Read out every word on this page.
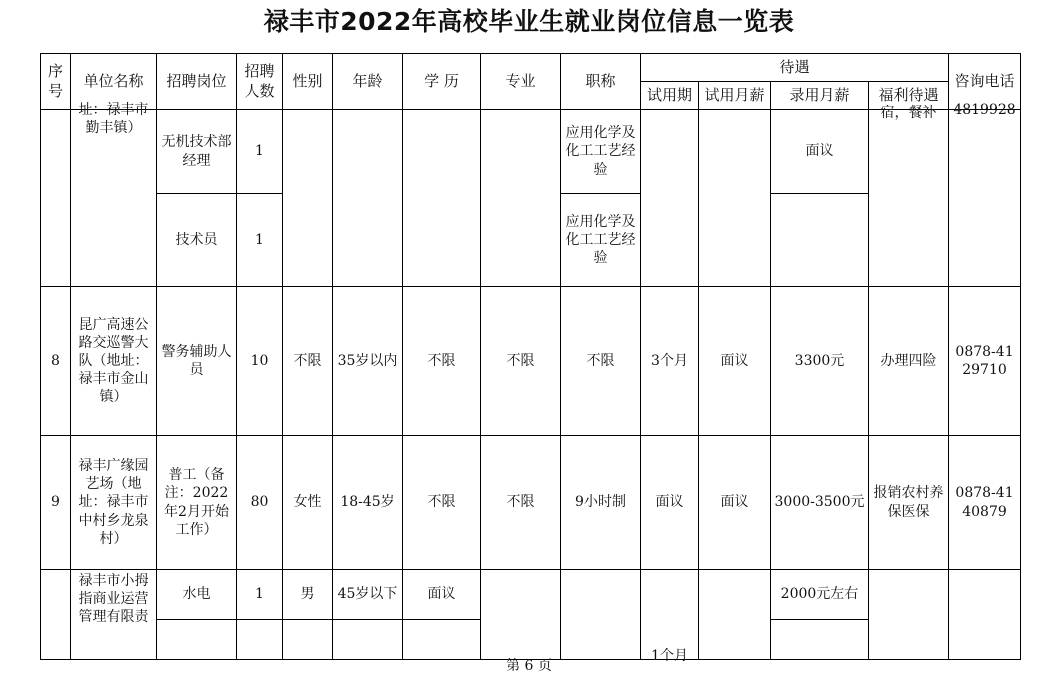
禄丰市2022年高校毕业生就业岗位信息一览表
序号	单位名称	招聘岗位	招聘人数	性别	年龄	学 历	专业	职称	待遇				咨询电话
									试用期	试用月薪	录用月薪	福利待遇	

	址：禄丰市勤丰镇）	无机技术部经理	1					应用化学及化工工艺经验			面议	宿，餐补	4819928

		技术员	1					应用化学及化工工艺经验					
8	昆广高速公路交巡警大队（地址：禄丰市金山镇）	警务辅助人员	10	不限	35岁以内	不限	不限	不限	3个月	面议	3300元	办理四险	0878-4129710
9	禄丰广缘园艺场（地址：禄丰市中村乡龙泉村）	普工（备注：2022年2月开始工作）	80	女性	18-45岁	不限	不限	9小时制	面议	面议	3000-3500元	报销农村养保医保	0878-4140879
	禄丰市小拇指商业运营管理有限责	水电	1	男	45岁以下	面议			1个月		2000元左右		

第 6 页
